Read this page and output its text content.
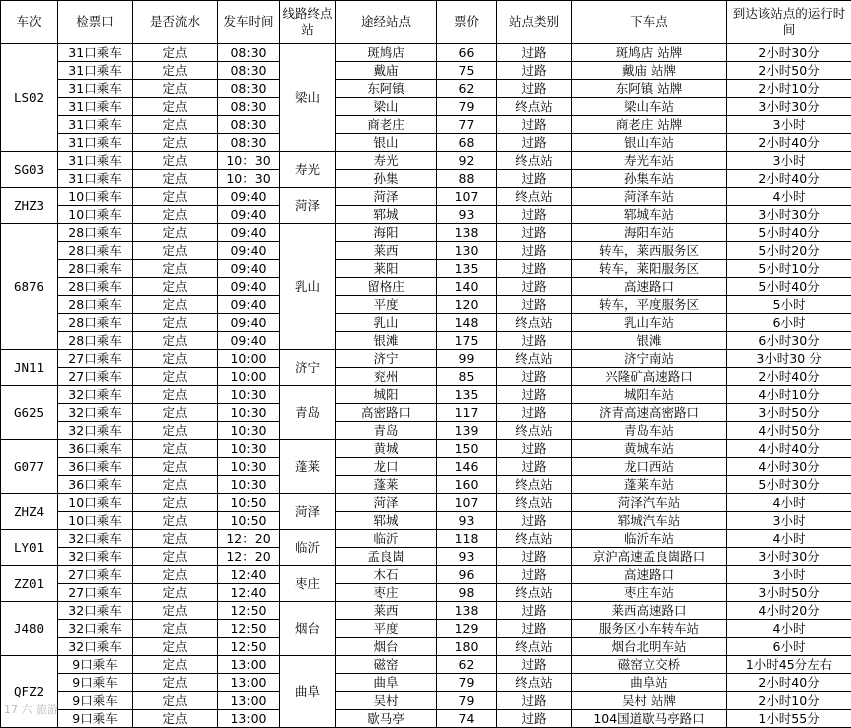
车次	检票口	是否流水	发车时间	线路终点站	途经站点	票价	站点类别	下车点	到达该站点的运行时间
LS02	31口乘车	定点	08:30	梁山	斑鸠店	66	过路	斑鸠店 站牌	2小时30分
	31口乘车	定点	08:30		戴庙	75	过路	戴庙 站牌	2小时50分
	31口乘车	定点	08:30		东阿镇	62	过路	东阿镇 站牌	2小时10分
	31口乘车	定点	08:30		梁山	79	终点站	梁山车站	3小时30分
	31口乘车	定点	08:30		商老庄	77	过路	商老庄 站牌	3小时
	31口乘车	定点	08:30		银山	68	过路	银山车站	2小时40分
SG03	31口乘车	定点	10：30	寿光	寿光	92	终点站	寿光车站	3小时
	31口乘车	定点	10：30		孙集	88	过路	孙集车站	2小时40分
ZHZ3	10口乘车	定点	09:40	菏泽	菏泽	107	终点站	菏泽车站	4小时
	10口乘车	定点	09:40		郓城	93	过路	郓城车站	3小时30分
6876	28口乘车	定点	09:40	乳山	海阳	138	过路	海阳车站	5小时40分
	28口乘车	定点	09:40		莱西	130	过路	转车，莱西服务区	5小时20分
	28口乘车	定点	09:40		莱阳	135	过路	转车，莱阳服务区	5小时10分
	28口乘车	定点	09:40		留格庄	140	过路	高速路口	5小时40分
	28口乘车	定点	09:40		平度	120	过路	转车，平度服务区	5小时
	28口乘车	定点	09:40		乳山	148	终点站	乳山车站	6小时
	28口乘车	定点	09:40		银滩	175	过路	银滩	6小时30分
JN11	27口乘车	定点	10:00	济宁	济宁	99	终点站	济宁南站	3小时30 分
	27口乘车	定点	10:00		兖州	85	过路	兴隆矿高速路口	2小时40分
G625	32口乘车	定点	10:30	青岛	城阳	135	过路	城阳车站	4小时10分
	32口乘车	定点	10:30		高密路口	117	过路	济青高速高密路口	3小时50分
	32口乘车	定点	10:30		青岛	139	终点站	青岛车站	4小时50分
G077	36口乘车	定点	10:30	蓬莱	黄城	150	过路	黄城车站	4小时40分
	36口乘车	定点	10:30		龙口	146	过路	龙口西站	4小时30分
	36口乘车	定点	10:30		蓬莱	160	终点站	蓬莱车站	5小时30分
ZHZ4	10口乘车	定点	10:50	菏泽	菏泽	107	终点站	菏泽汽车站	4小时
	10口乘车	定点	10:50		郓城	93	过路	郓城汽车站	3小时
LY01	32口乘车	定点	12：20	临沂	临沂	118	终点站	临沂车站	4小时
	32口乘车	定点	12：20		孟良崮	93	过路	京沪高速孟良崮路口	3小时30分
ZZ01	27口乘车	定点	12:40	枣庄	木石	96	过路	高速路口	3小时
	27口乘车	定点	12:40		枣庄	98	终点站	枣庄车站	3小时50分
J480	32口乘车	定点	12:50	烟台	莱西	138	过路	莱西高速路口	4小时20分
	32口乘车	定点	12:50		平度	129	过路	服务区小车转车站	4小时
	32口乘车	定点	12:50		烟台	180	终点站	烟台北明车站	6小时
QFZ2	9口乘车	定点	13:00	曲阜	磁窑	62	过路	磁窑立交桥	1小时45分左右
	9口乘车	定点	13:00		曲阜	79	终点站	曲阜站	2小时40分
	9口乘车	定点	13:00		吴村	79	过路	吴村 站牌	2小时10分
	9口乘车	定点	13:00		歇马亭	74	过路	104国道歇马亭路口	1小时55分
17 六 旅游
